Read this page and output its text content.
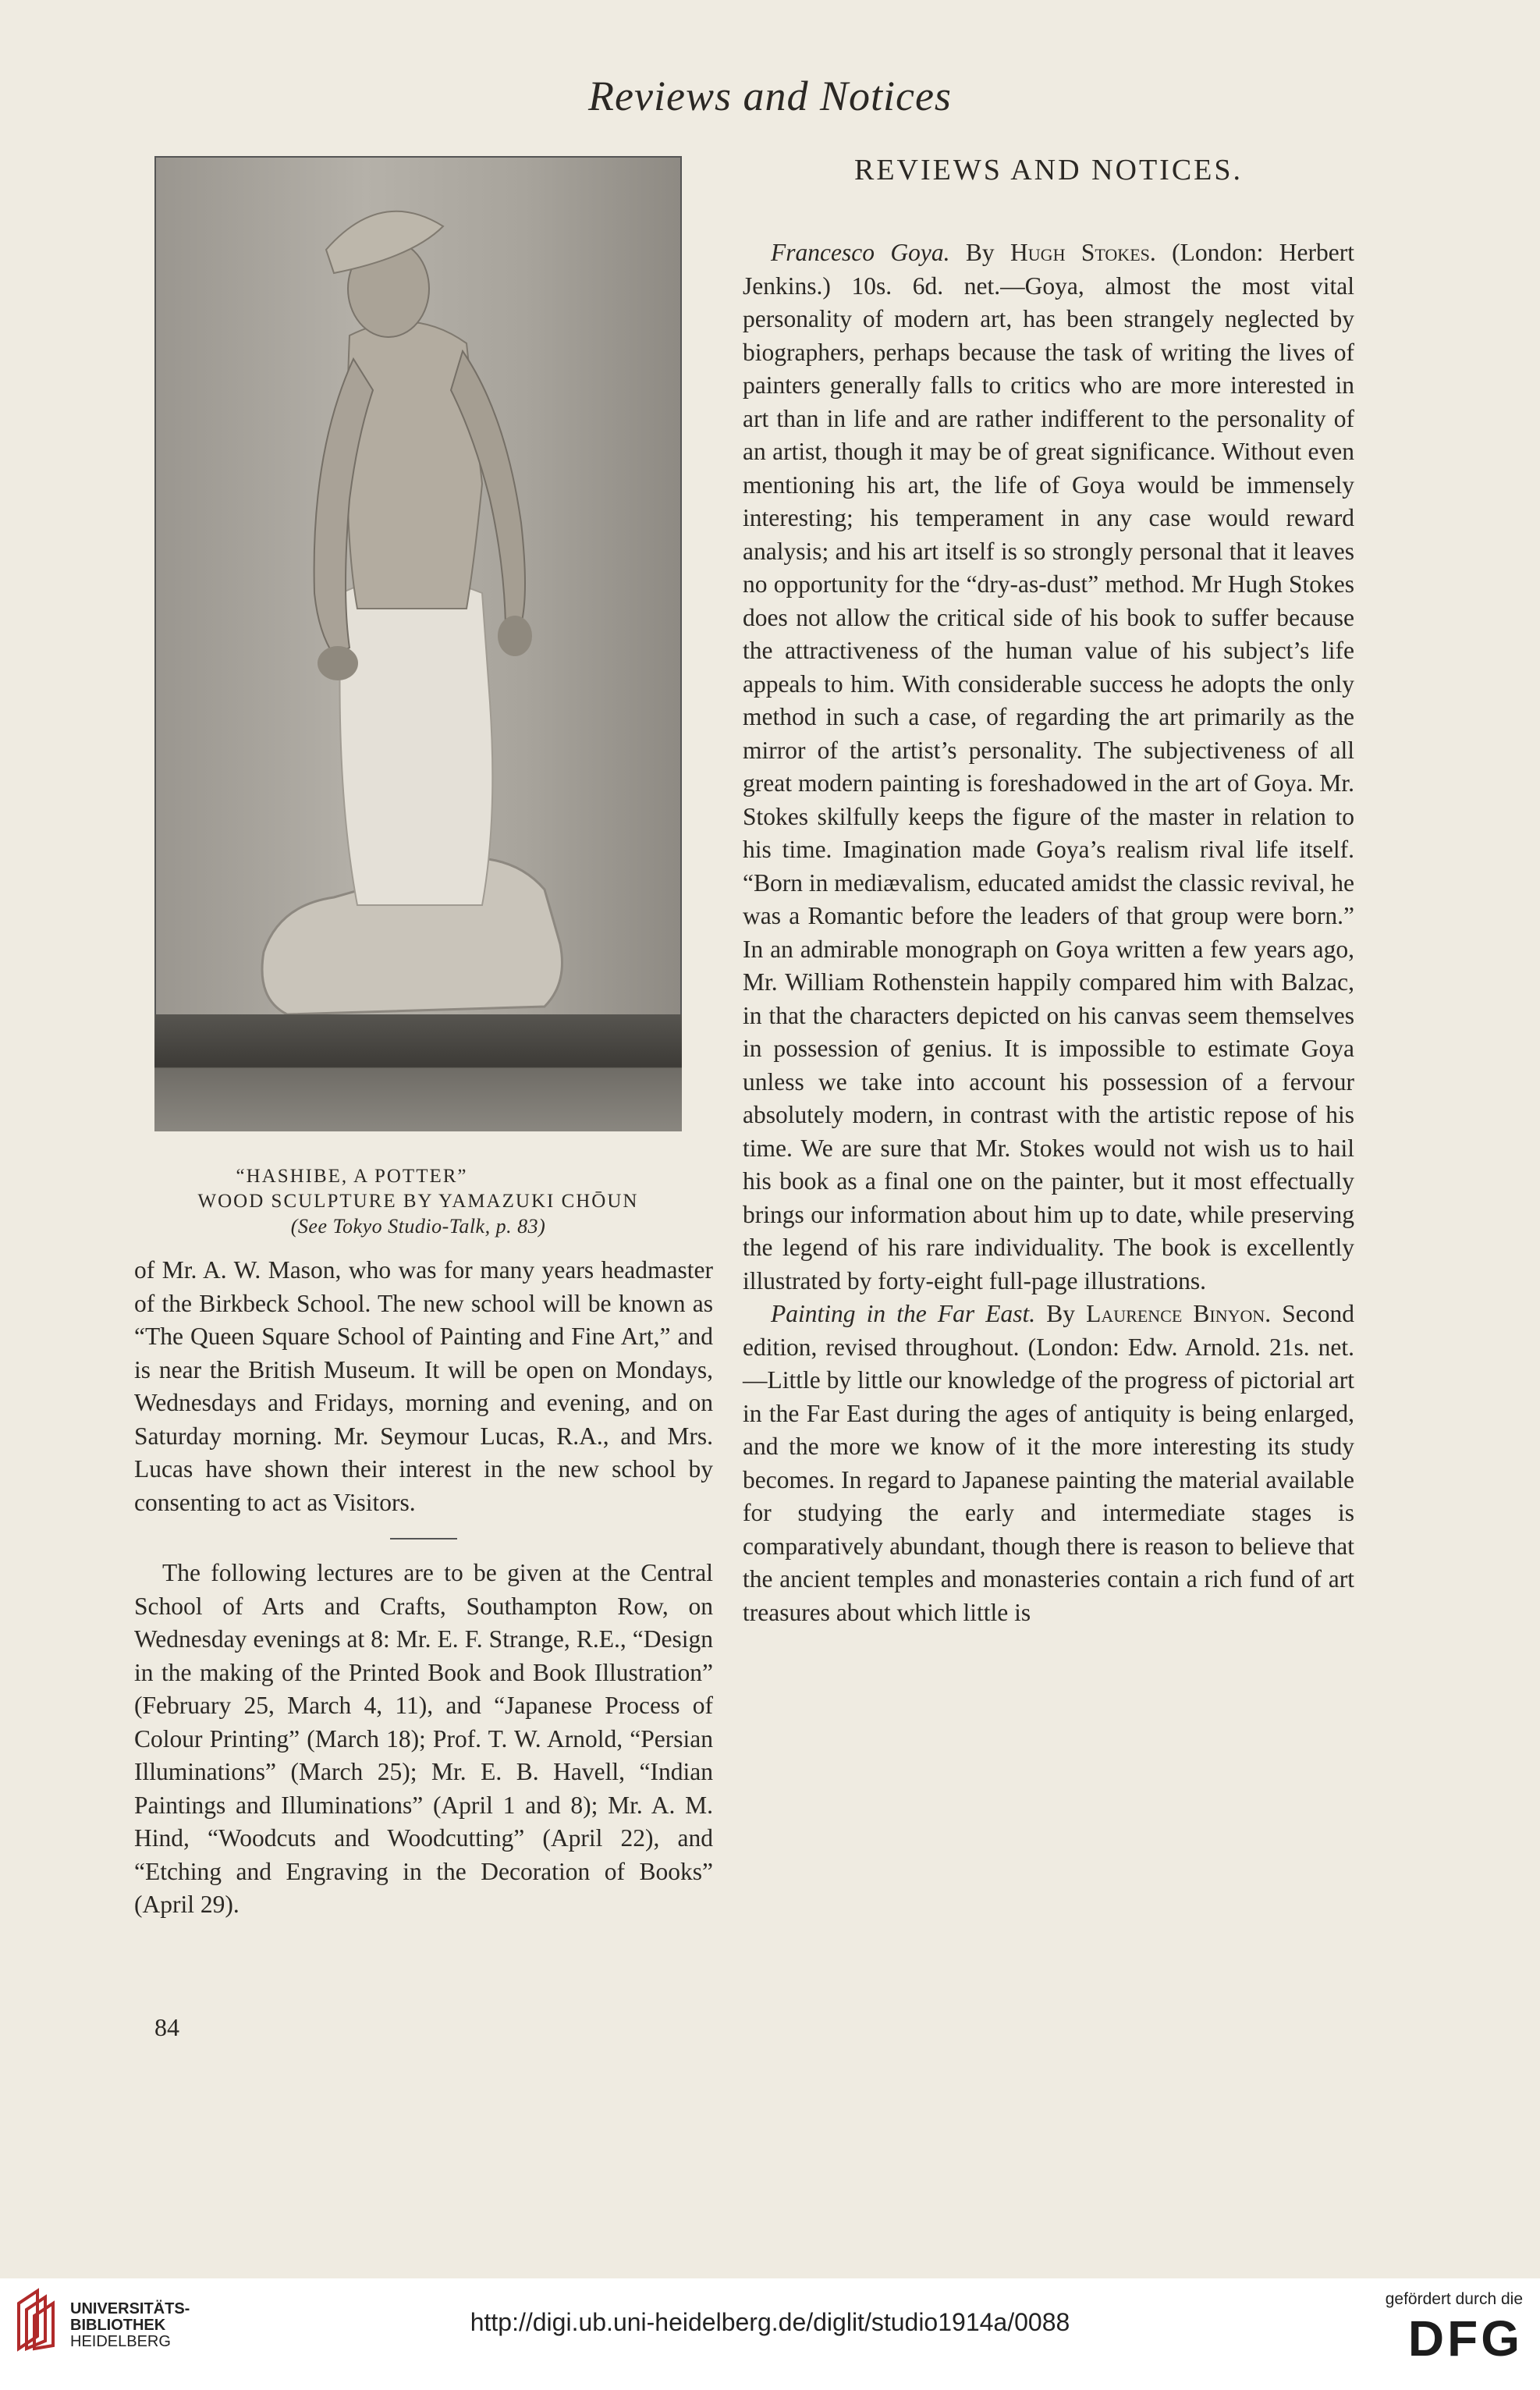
Reviews and Notices
“HASHIBE, A POTTER”
WOOD SCULPTURE BY YAMAZUKI CHŌUN
(See Tokyo Studio-Talk, p. 83)

of Mr. A. W. Mason, who was for many years headmaster of the Birkbeck School. The new school will be known as “The Queen Square School of Painting and Fine Art,” and is near the British Museum. It will be open on Mondays, Wednesdays and Fridays, morning and evening, and on Saturday morning. Mr. Seymour Lucas, R.A., and Mrs. Lucas have shown their interest in the new school by consenting to act as Visitors.

The following lectures are to be given at the Central School of Arts and Crafts, Southampton Row, on Wednesday evenings at 8: Mr. E. F. Strange, R.E., “Design in the making of the Printed Book and Book Illustration” (February 25, March 4, 11), and “Japanese Process of Colour Printing” (March 18); Prof. T. W. Arnold, “Persian Illuminations” (March 25); Mr. E. B. Havell, “Indian Paintings and Illuminations” (April 1 and 8); Mr. A. M. Hind, “Woodcuts and Woodcutting” (April 22), and “Etching and Engraving in the Decoration of Books” (April 29).

84
REVIEWS AND NOTICES.

Francesco Goya. By Hugh Stokes. (London: Herbert Jenkins.) 10s. 6d. net.—Goya, almost the most vital personality of modern art, has been strangely neglected by biographers, perhaps because the task of writing the lives of painters generally falls to critics who are more interested in art than in life and are rather indifferent to the personality of an artist, though it may be of great significance. Without even mentioning his art, the life of Goya would be immensely interesting; his temperament in any case would reward analysis; and his art itself is so strongly personal that it leaves no opportunity for the “dry-as-dust” method. Mr Hugh Stokes does not allow the critical side of his book to suffer because the attractiveness of the human value of his subject’s life appeals to him. With considerable success he adopts the only method in such a case, of regarding the art primarily as the mirror of the artist’s personality. The subjectiveness of all great modern painting is foreshadowed in the art of Goya. Mr. Stokes skilfully keeps the figure of the master in relation to his time. Imagination made Goya’s realism rival life itself. “Born in mediævalism, educated amidst the classic revival, he was a Romantic before the leaders of that group were born.” In an admirable monograph on Goya written a few years ago, Mr. William Rothenstein happily compared him with Balzac, in that the characters depicted on his canvas seem themselves in possession of genius. It is impossible to estimate Goya unless we take into account his possession of a fervour absolutely modern, in contrast with the artistic repose of his time. We are sure that Mr. Stokes would not wish us to hail his book as a final one on the painter, but it most effectually brings our information about him up to date, while preserving the legend of his rare individuality. The book is excellently illustrated by forty-eight full-page illustrations.

Painting in the Far East. By Laurence Binyon. Second edition, revised throughout. (London: Edw. Arnold. 21s. net.—Little by little our knowledge of the progress of pictorial art in the Far East during the ages of antiquity is being enlarged, and the more we know of it the more interesting its study becomes. In regard to Japanese painting the material available for studying the early and intermediate stages is comparatively abundant, though there is reason to believe that the ancient temples and monasteries contain a rich fund of art treasures about which little is

UNIVERSITÄTS-
BIBLIOTHEK
HEIDELBERG
http://digi.ub.uni-heidelberg.de/diglit/studio1914a/0088
gefördert durch die
DFG
